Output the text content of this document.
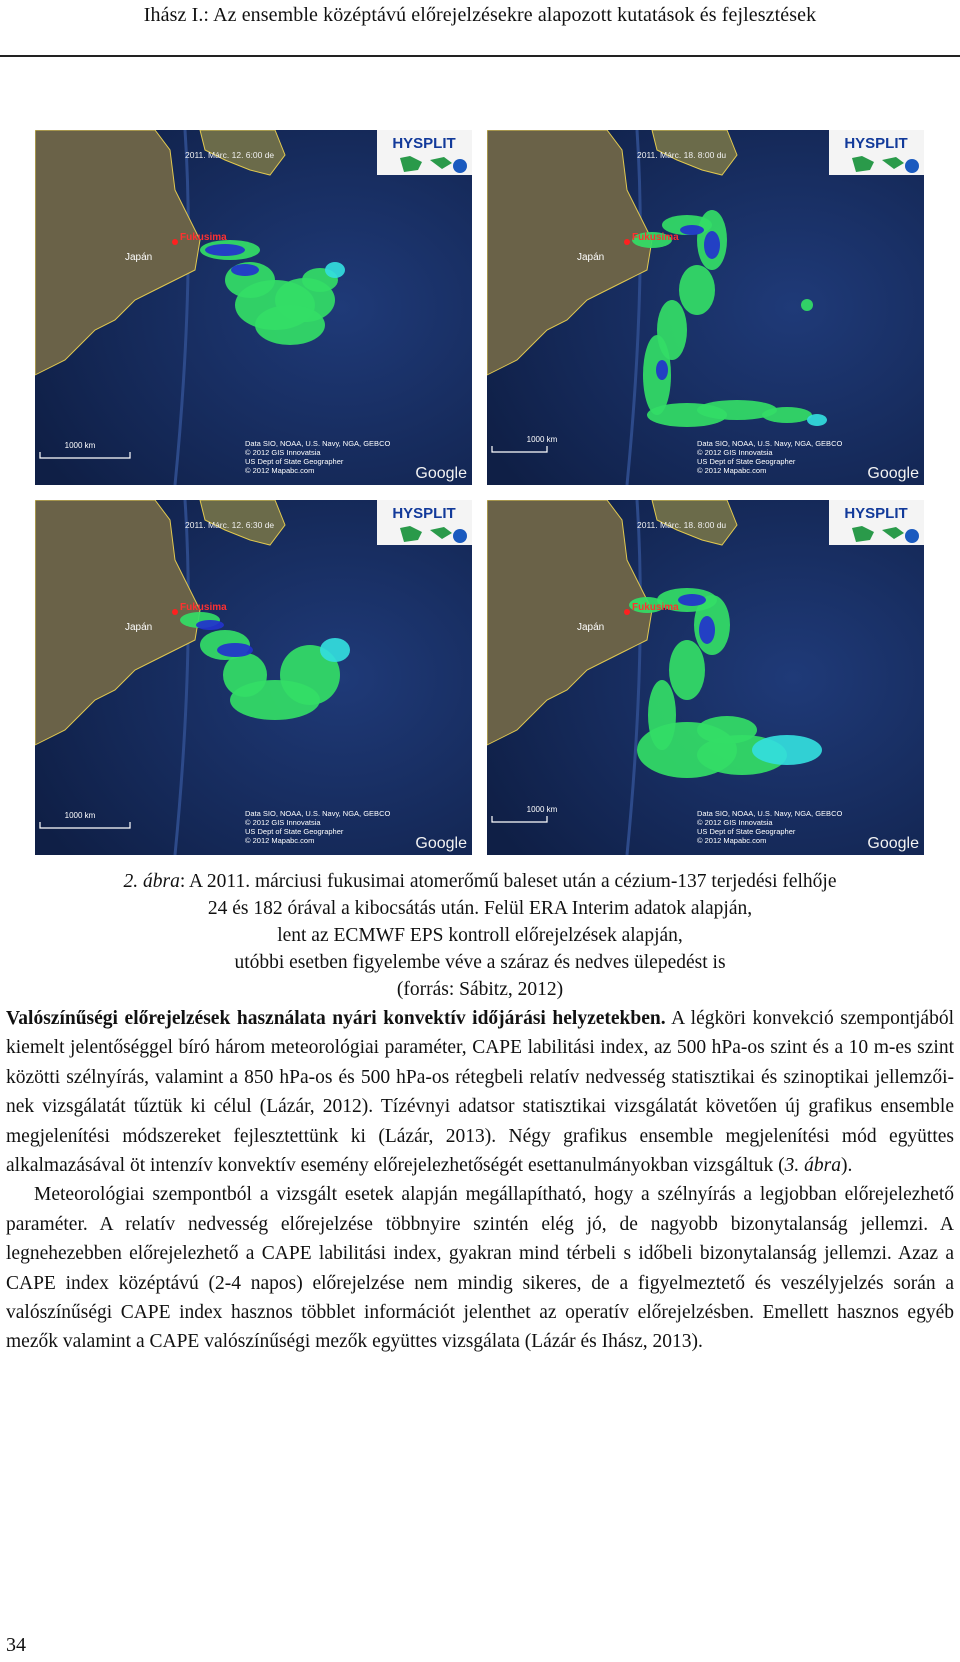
Ihász I.: Az ensemble középtávú előrejelzésekre alapozott kutatások és fejlesztések
Fukusima
Japán
2011. Márc. 12. 6:00 de
HYSPLIT
1000 km	Data SIO, NOAA, U.S. Navy, NGA, GEBCO
© 2012 GIS Innovatsia
US Dept of State Geographer
© 2012 Mapabc.com	Google
Fukusima
Japán
2011. Márc. 18. 8:00 du
HYSPLIT
1000 km	Data SIO, NOAA, U.S. Navy, NGA, GEBCO
© 2012 GIS Innovatsia
US Dept of State Geographer
© 2012 Mapabc.com	Google
Fukusima
Japán
2011. Márc. 12. 6:30 de
HYSPLIT
1000 km	Data SIO, NOAA, U.S. Navy, NGA, GEBCO
© 2012 GIS Innovatsia
US Dept of State Geographer
© 2012 Mapabc.com	Google
Fukusima
Japán
2011. Márc. 18. 8:00 du
HYSPLIT
1000 km	Data SIO, NOAA, U.S. Navy, NGA, GEBCO
© 2012 GIS Innovatsia
US Dept of State Geographer
© 2012 Mapabc.com	Google
2. ábra: A 2011. márciusi fukusimai atomerőmű baleset után a cézium-137 terjedési felhője
24 és 182 órával a kibocsátás után. Felül ERA Interim adatok alapján,
lent az ECMWF EPS kontroll előrejelzések alapján,
utóbbi esetben figyelembe véve a száraz és nedves ülepedést is
(forrás: Sábitz, 2012)

Valószínűségi előrejelzések használata nyári konvektív időjárási helyzetekben. A légköri konvekció szempontjából kiemelt jelentőséggel bíró három meteorológiai paraméter, CAPE labilitási index, az 500 hPa-os szint és a 10 m-es szint közötti szélnyírás, valamint a 850 hPa-os és 500 hPa-os rétegbeli relatív nedvesség statisztikai és szinoptikai jellemzőinek vizsgálatát tűztük ki célul (Lázár, 2012). Tízévnyi adatsor statisztikai vizsgálatát követően új grafikus ensemble megjelenítési módszereket fejlesztettünk ki (Lázár, 2013). Négy grafikus ensemble megjelenítési mód együttes alkalmazásával öt intenzív konvektív esemény előrejelezhetőségét esettanulmányokban vizsgáltuk (3. ábra).

Meteorológiai szempontból a vizsgált esetek alapján megállapítható, hogy a szélnyírás a legjobban előrejelezhető paraméter. A relatív nedvesség előrejelzése többnyire szintén elég jó, de nagyobb bizonytalanság jellemzi. A legnehezebben előrejelezhető a CAPE labilitási index, gyakran mind térbeli s időbeli bizonytalanság jellemzi. Azaz a CAPE index középtávú (2-4 napos) előrejelzése nem mindig sikeres, de a figyelmeztető és veszélyjelzés során a valószínűségi CAPE index hasznos többlet információt jelenthet az operatív előrejelzésben. Emellett hasznos egyéb mezők valamint a CAPE valószínűségi mezők együttes vizsgálata (Lázár és Ihász, 2013).

34
